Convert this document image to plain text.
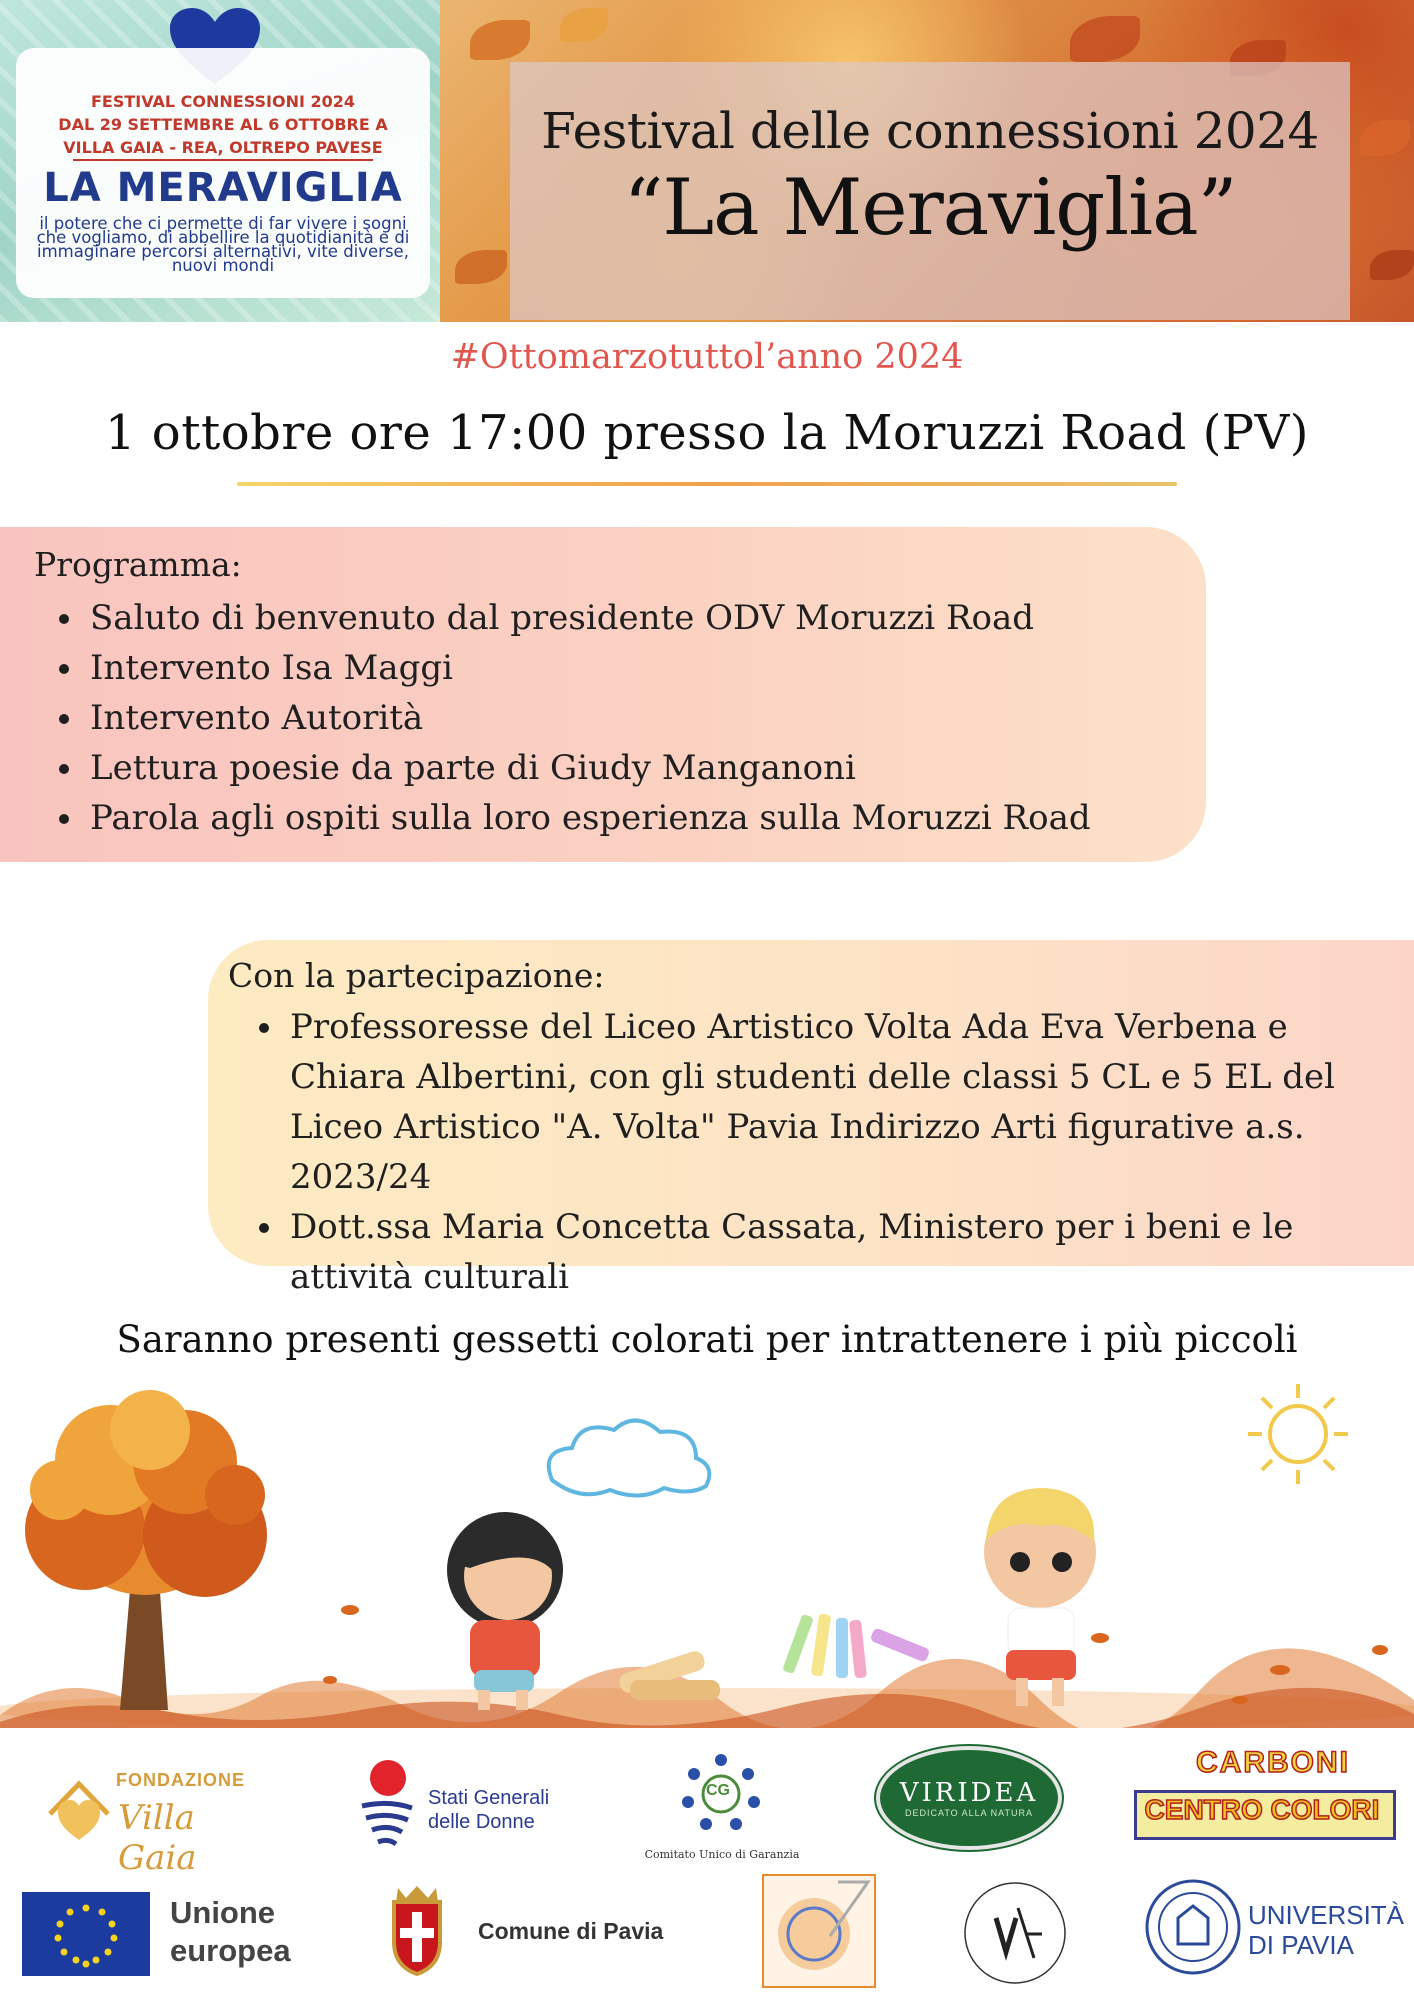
FESTIVAL CONNESSIONI 2024
DAL 29 SETTEMBRE AL 6 OTTOBRE A
VILLA GAIA - REA, OLTREPO PAVESE
LA MERAVIGLIA
il potere che ci permette di far vivere i sogni che vogliamo, di abbellire la quotidianità e di immaginare percorsi alternativi, vite diverse, nuovi mondi
Festival delle connessioni 2024
“La Meraviglia”
#Ottomarzotuttol’anno 2024
1 ottobre ore 17:00 presso la Moruzzi Road (PV)
Programma:
• Saluto di benvenuto dal presidente ODV Moruzzi Road
• Intervento Isa Maggi
• Intervento Autorità
• Lettura poesie da parte di Giudy Manganoni
• Parola agli ospiti sulla loro esperienza sulla Moruzzi Road
Con la partecipazione:
• Professoresse del Liceo Artistico Volta Ada Eva Verbena e Chiara Albertini, con gli studenti delle classi 5 CL e 5 EL del Liceo Artistico "A. Volta" Pavia Indirizzo Arti figurative a.s. 2023/24
• Dott.ssa Maria Concetta Cassata, Ministero per i beni e le attività culturali
Saranno presenti gessetti colorati per intrattenere i più piccoli
FONDAZIONE
Villa Gaia
Stati Generali
delle Donne
CG
Comitato Unico di Garanzia
VIRIDEA
DEDICATO ALLA NATURA
CARBONI
CENTRO COLORI
Unione
europea
Comune di Pavia
UNIVERSITÀ
DI PAVIA
